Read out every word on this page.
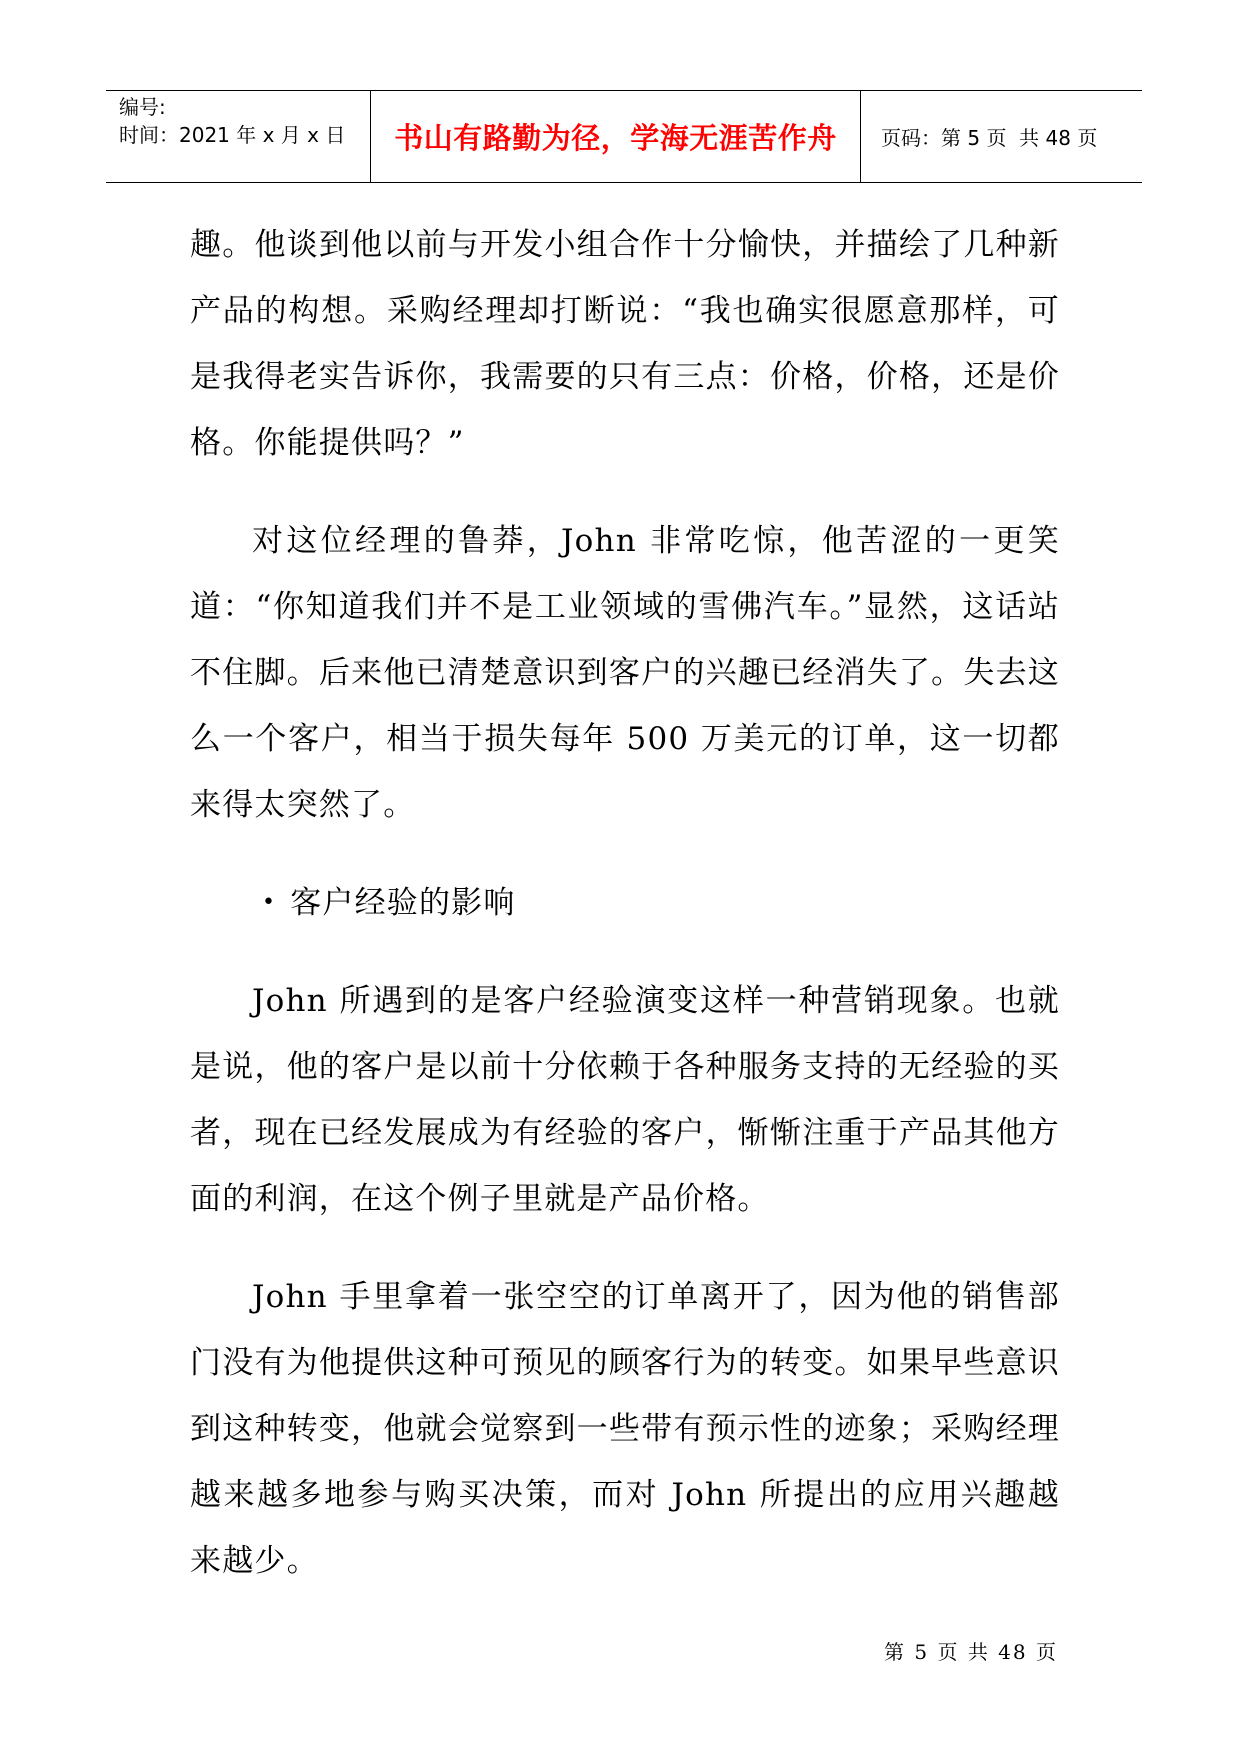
编号:
时间：2021 年 x 月 x 日	书山有路勤为径，学海无涯苦作舟	页码：第 5 页  共 48 页

趣。他谈到他以前与开发小组合作十分愉快，并描绘了几种新产品的构想。采购经理却打断说：“我也确实很愿意那样，可是我得老实告诉你，我需要的只有三点：价格，价格，还是价格。你能提供吗？”

对这位经理的鲁莽，John 非常吃惊，他苦涩的一更笑道：“你知道我们并不是工业领域的雪佛汽车。”显然，这话站不住脚。后来他已清楚意识到客户的兴趣已经消失了。失去这么一个客户，相当于损失每年 500 万美元的订单，这一切都来得太突然了。

• 客户经验的影响

John 所遇到的是客户经验演变这样一种营销现象。也就是说，他的客户是以前十分依赖于各种服务支持的无经验的买者，现在已经发展成为有经验的客户，惭惭注重于产品其他方面的利润，在这个例子里就是产品价格。

John 手里拿着一张空空的订单离开了，因为他的销售部门没有为他提供这种可预见的顾客行为的转变。如果早些意识到这种转变，他就会觉察到一些带有预示性的迹象；采购经理越来越多地参与购买决策，而对 John 所提出的应用兴趣越来越少。

第 5 页 共 48 页
